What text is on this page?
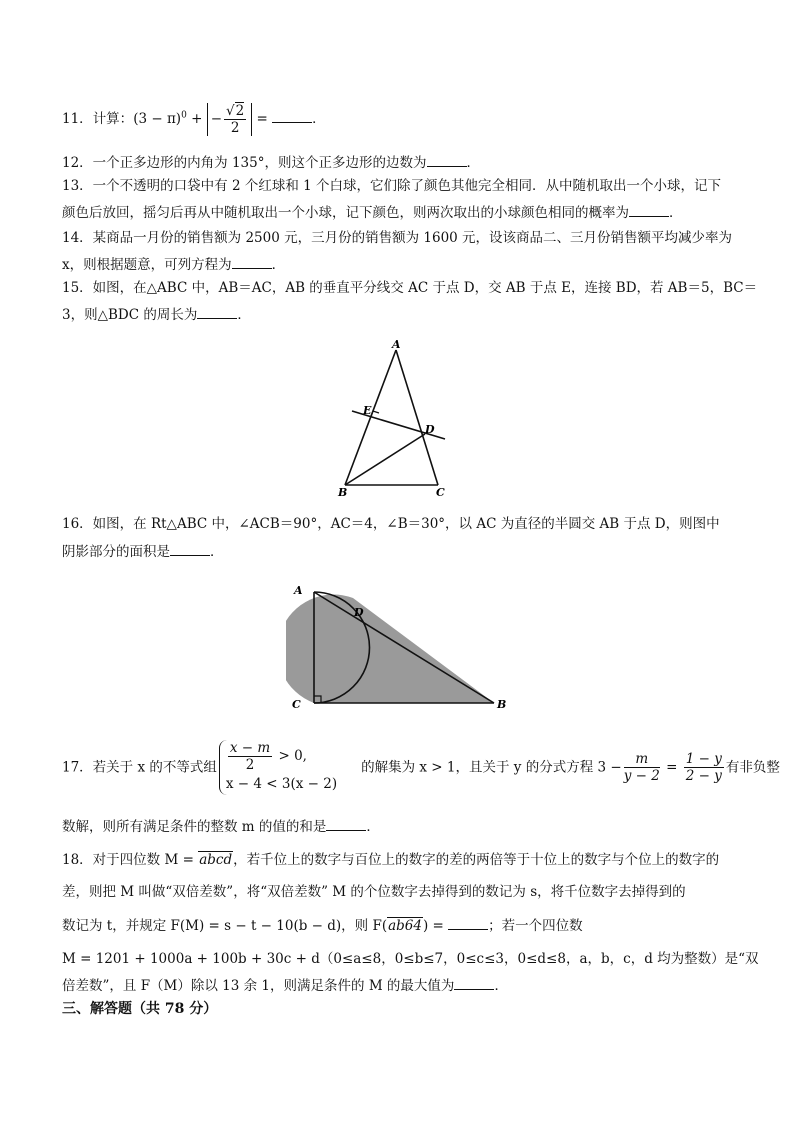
11．计算：$(3 - \pi)^0$ + − $\frac{√2}{2}$ =	．
12．一个正多边形的内角为 135°，则这个正多边形的边数为	．
13．一个不透明的口袋中有 2 个红球和 1 个白球，它们除了颜色其他完全相同．从中随机取出一个小球，记下
颜色后放回，摇匀后再从中随机取出一个小球，记下颜色，则两次取出的小球颜色相同的概率为	．
14．某商品一月份的销售额为 2500 元，三月份的销售额为 1600 元，设该商品二、三月份销售额平均减少率为
x，则根据题意，可列方程为	．
15．如图，在△ABC 中，AB＝AC，AB 的垂直平分线交 AC 于点 D，交 AB 于点 E，连接 BD，若 AB＝5，BC＝
3，则△BDC 的周长为	．
A
E
D
B	C
16．如图，在 Rt△ABC 中，∠ACB＝90°，AC＝4，∠B＝30°，以 AC 为直径的半圆交 AB 于点 D，则图中
阴影部分的面积是	．
A
D
C	B
17．若关于 x 的不等式组 $\frac{x - m}{2} > 0$,
x − 4 < 3(x − 2)
的解集为 x > 1，且关于 y 的分式方程 $3 - \frac{m}{y - 2} = \frac{1 - y}{2 - y}$ 有非负整
数解，则所有满足条件的整数 m 的值的和是	．
18．对于四位数 M = abcd，若千位上的数字与百位上的数字的差的两倍等于十位上的数字与个位上的数字的
差，则把 M 叫做“双倍差数”，将“双倍差数” M 的个位数字去掉得到的数记为 s，将千位数字去掉得到的
数记为 t，并规定 F(M) = s − t − 10(b − d)，则 F(ab64) =	；若一个四位数
M = 1201 + 1000a + 100b + 30c + d（0≤a≤8，0≤b≤7，0≤c≤3，0≤d≤8，a，b，c，d 均为整数）是“双
倍差数”，且 F（M）除以 13 余 1，则满足条件的 M 的最大值为	．
三、解答题（共 78 分）
